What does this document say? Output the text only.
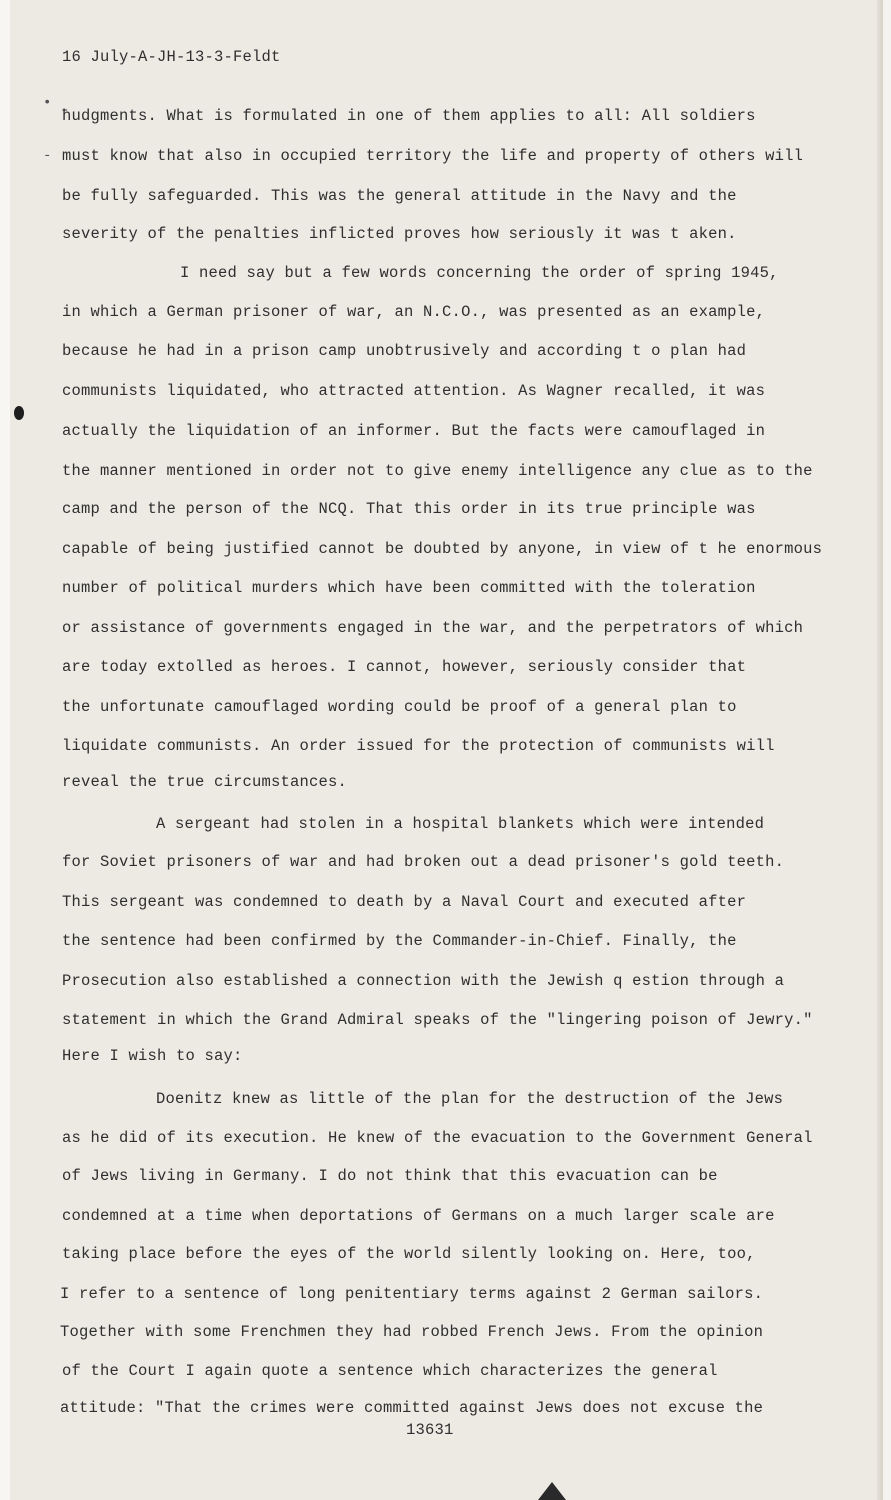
•
-
16 July-A-JH-13-3-Feldt
ħudgments. What is formulated in one of them applies to all: All soldiers
must know that also in occupied territory the life and property of others will
be fully safeguarded. This was the general attitude in the Navy and the
severity of the penalties inflicted proves how seriously it was t aken.
I need say but a few words concerning the order of spring 1945,
in which a German prisoner of war, an N.C.O., was presented as an example,
because he had in a prison camp unobtrusively and according t o plan had
communists liquidated, who attracted attention. As Wagner recalled, it was
actually the liquidation of an informer. But the facts were camouflaged in
the manner mentioned in order not to give enemy intelligence any clue as to the
camp and the person of the NCQ. That this order in its true principle was
capable of being justified cannot be doubted by anyone, in view of t he enormous
number of political murders which have been committed with the toleration
or assistance of governments engaged in the war, and the perpetrators of which
are today extolled as heroes. I cannot, however, seriously consider that
the unfortunate camouflaged wording could be proof of a general plan to
liquidate communists. An order issued for the protection of communists will
reveal the true circumstances.
A sergeant had stolen in a hospital blankets which were intended
for Soviet prisoners of war and had broken out a dead prisoner's gold teeth.
This sergeant was condemned to death by a Naval Court and executed after
the sentence had been confirmed by the Commander-in-Chief. Finally, the
Prosecution also established a connection with the Jewish q estion through a
statement in which the Grand Admiral speaks of the "lingering poison of Jewry."
Here I wish to say:
Doenitz knew as little of the plan for the destruction of the Jews
as he did of its execution. He knew of the evacuation to the Government General
of Jews living in Germany. I do not think that this evacuation can be
condemned at a time when deportations of Germans on a much larger scale are
taking place before the eyes of the world silently looking on. Here, too,
I refer to a sentence of long penitentiary terms against 2 German sailors.
Together with some Frenchmen they had robbed French Jews. From the opinion
of the Court I again quote a sentence which characterizes the general
attitude: "That the crimes were committed against Jews does not excuse the
13631
